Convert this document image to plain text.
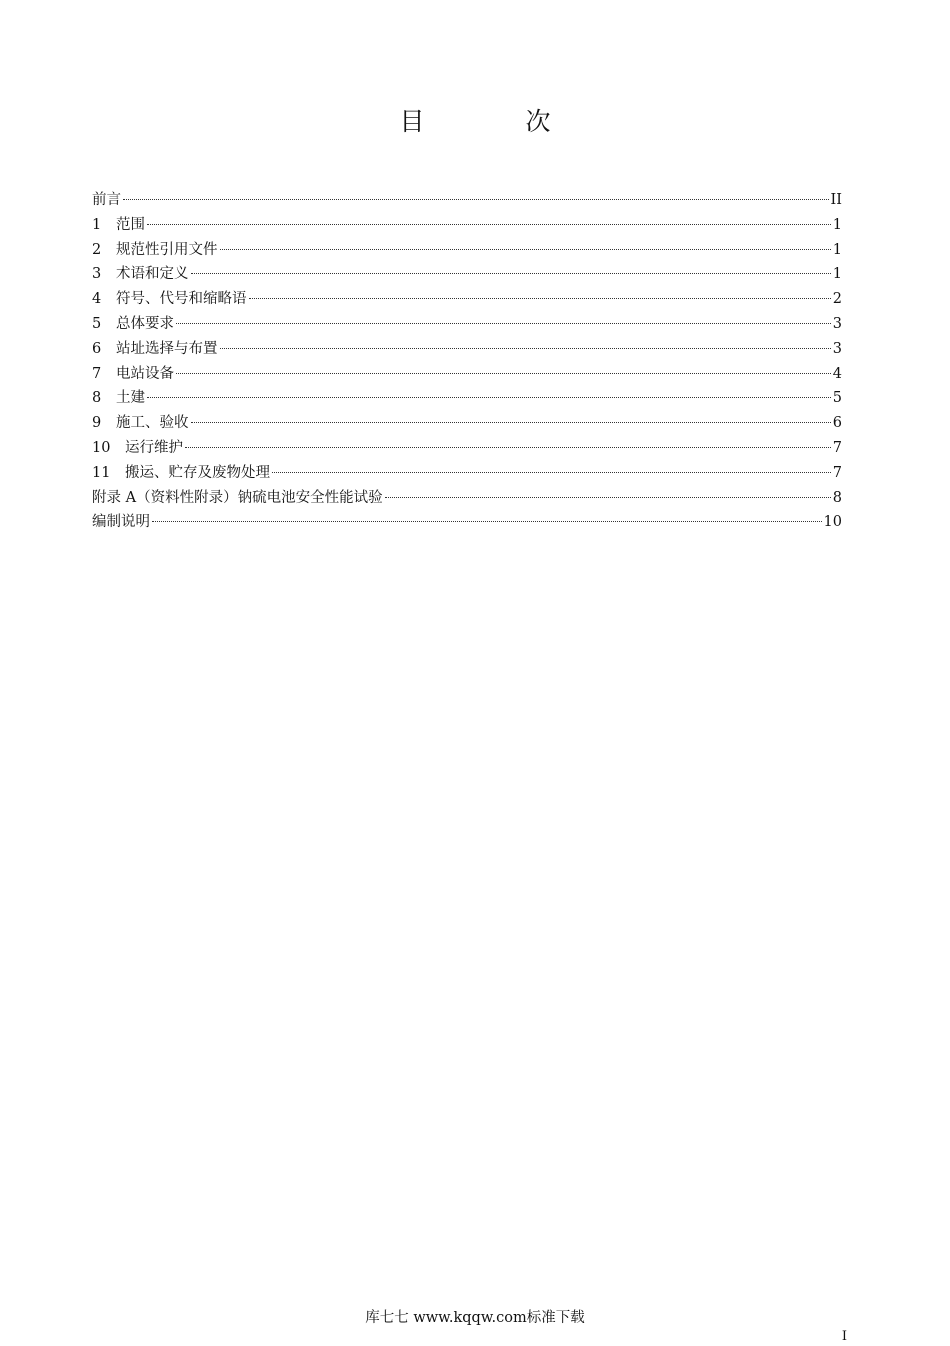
目　次
前言	II
1	范围	1
2	规范性引用文件	1
3	术语和定义	1
4	符号、代号和缩略语	2
5	总体要求	3
6	站址选择与布置	3
7	电站设备	4
8	土建	5
9	施工、验收	6
10	运行维护	7
11	搬运、贮存及废物处理	7
附录 A（资料性附录）钠硫电池安全性能试验	8
编制说明	10
库七七 www.kqqw.com标准下载
I
